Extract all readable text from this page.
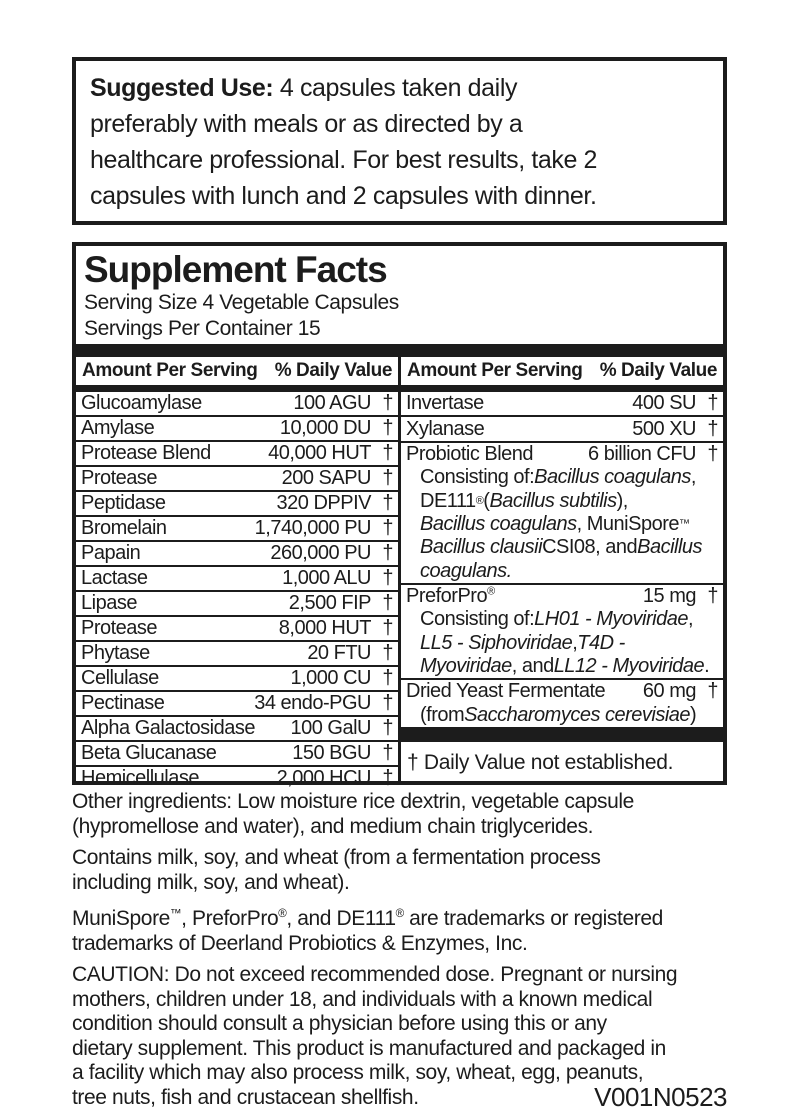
Suggested Use: 4 capsules taken daily
preferably with meals or as directed by a
healthcare professional. For best results, take 2
capsules with lunch and 2 capsules with dinner.
Supplement Facts
Serving Size 4 Vegetable Capsules
Servings Per Container 15
Amount Per Serving % Daily Value Amount Per Serving % Daily Value
Glucoamylase	100 AGU †
Amylase	10,000 DU †
Protease Blend	40,000 HUT †
Protease	200 SAPU †
Peptidase	320 DPPIV †
Bromelain	1,740,000 PU †
Papain	260,000 PU †
Lactase	1,000 ALU †
Lipase	2,500 FIP †
Protease	8,000 HUT †
Phytase	20 FTU †
Cellulase	1,000 CU †
Pectinase	34 endo-PGU †
Alpha Galactosidase 100 GalU †
Beta Glucanase	150 BGU †
Hemicellulase	2,000 HCU †
Invertase	400 SU †
Xylanase	500 XU †
Probiotic Blend	6 billion CFU †
Consisting of: Bacillus coagulans ,
DE111 ® ( Bacillus subtilis ),
Bacillus coagulans , MuniSpore ™
Bacillus clausii CSI08, and Bacillus
coagulans.
PreforPro®	15 mg †
Consisting of: LH01 - Myoviridae ,
LL5 - Siphoviridae , T4D -
Myoviridae , and LL12 - Myoviridae .
Dried Yeast Fermentate 60 mg †
(from Saccharomyces cerevisiae )
† Daily Value not established.
Other ingredients: Low moisture rice dextrin, vegetable capsule
(hypromellose and water), and medium chain triglycerides.
Contains milk, soy, and wheat (from a fermentation process
including milk, soy, and wheat).
MuniSpore™, PreforPro®, and DE111® are trademarks or registered
trademarks of Deerland Probiotics & Enzymes, Inc.
CAUTION: Do not exceed recommended dose. Pregnant or nursing
mothers, children under 18, and individuals with a known medical
condition should consult a physician before using this or any
dietary supplement. This product is manufactured and packaged in
a facility which may also process milk, soy, wheat, egg, peanuts,
tree nuts, fish and crustacean shellfish.	V001N0523
